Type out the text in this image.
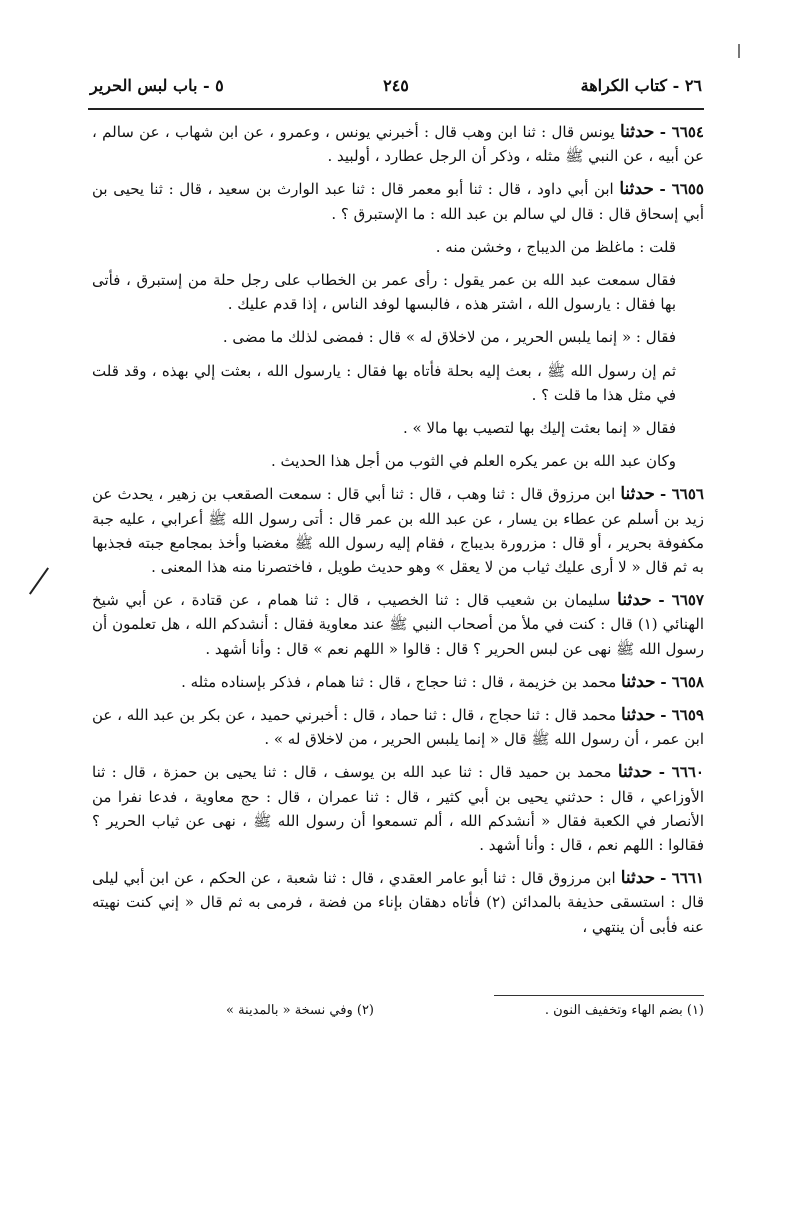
٢٦ - كتاب الكراهة
٢٤٥
٥ - باب لبس الحرير

٦٦٥٤ - حدثنا يونس قال : ثنا ابن وهب قال : أخبرني يونس ، وعمرو ، عن ابن شهاب ، عن سالم ، عن أبيه ، عن النبي ﷺ مثله ، وذكر أن الرجل عطارد ، أولبيد .

٦٦٥٥ - حدثنا ابن أبي داود ، قال : ثنا أبو معمر قال : ثنا عبد الوارث بن سعيد ، قال : ثنا يحيى بن أبي إسحاق قال : قال لي سالم بن عبد الله : ما الإستبرق ؟ .

قلت : ماغلظ من الديباج ، وخشن منه .

فقال سمعت عبد الله بن عمر يقول : رأى عمر بن الخطاب على رجل حلة من إستبرق ، فأتى بها فقال : يارسول الله ، اشتر هذه ، فالبسها لوفد الناس ، إذا قدم عليك .

فقال : « إنما يلبس الحرير ، من لاخلاق له » قال : فمضى لذلك ما مضى .

ثم إن رسول الله ﷺ ، بعث إليه بحلة فأتاه بها فقال : يارسول الله ، بعثت إلي بهذه ، وقد قلت في مثل هذا ما قلت ؟ .

فقال « إنما بعثت إليك بها لتصيب بها مالا » .

وكان عبد الله بن عمر يكره العلم في الثوب من أجل هذا الحديث .

٦٦٥٦ - حدثنا ابن مرزوق قال : ثنا وهب ، قال : ثنا أبي قال : سمعت الصقعب بن زهير ، يحدث عن زيد بن أسلم عن عطاء بن يسار ، عن عبد الله بن عمر قال : أتى رسول الله ﷺ أعرابي ، عليه جبة مكفوفة بحرير ، أو قال : مزرورة بديباج ، فقام إليه رسول الله ﷺ مغضبا وأخذ بمجامع جبته فجذبها به ثم قال « لا أرى عليك ثياب من لا يعقل » وهو حديث طويل ، فاختصرنا منه هذا المعنى .

٦٦٥٧ - حدثنا سليمان بن شعيب قال : ثنا الخصيب ، قال : ثنا همام ، عن قتادة ، عن أبي شيخ الهنائي (١) قال : كنت في ملأ من أصحاب النبي ﷺ عند معاوية فقال : أنشدكم الله ، هل تعلمون أن رسول الله ﷺ نهى عن لبس الحرير ؟ قال : قالوا « اللهم نعم » قال : وأنا أشهد .

٦٦٥٨ - حدثنا محمد بن خزيمة ، قال : ثنا حجاج ، قال : ثنا همام ، فذكر بإسناده مثله .

٦٦٥٩ - حدثنا محمد قال : ثنا حجاج ، قال : ثنا حماد ، قال : أخبرني حميد ، عن بكر بن عبد الله ، عن ابن عمر ، أن رسول الله ﷺ قال « إنما يلبس الحرير ، من لاخلاق له » .

٦٦٦٠ - حدثنا محمد بن حميد قال : ثنا عبد الله بن يوسف ، قال : ثنا يحيى بن حمزة ، قال : ثنا الأوزاعي ، قال : حدثني يحيى بن أبي كثير ، قال : ثنا عمران ، قال : حج معاوية ، فدعا نفرا من الأنصار في الكعبة فقال « أنشدكم الله ، ألم تسمعوا أن رسول الله ﷺ ، نهى عن ثياب الحرير ؟ فقالوا : اللهم نعم ، قال : وأنا أشهد .

٦٦٦١ - حدثنا ابن مرزوق قال : ثنا أبو عامر العقدي ، قال : ثنا شعبة ، عن الحكم ، عن ابن أبي ليلى قال : استسقى حذيفة بالمدائن (٢) فأتاه دهقان بإناء من فضة ، فرمى به ثم قال « إني كنت نهيته عنه فأبى أن ينتهي ،

(١) بضم الهاء وتخفيف النون .
(٢) وفي نسخة « بالمدينة »
